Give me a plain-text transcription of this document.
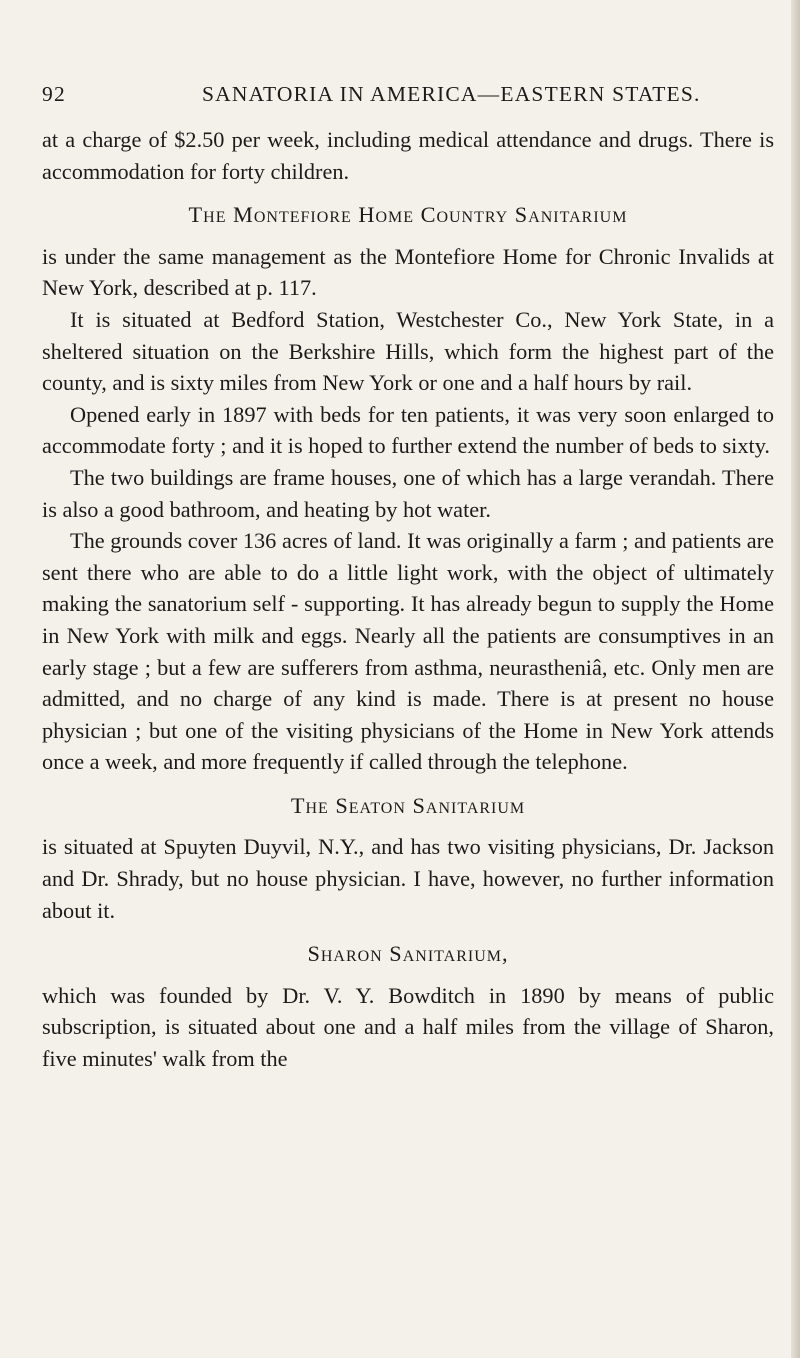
92	SANATORIA IN AMERICA—EASTERN STATES.

at a charge of $2.50 per week, including medical attendance and drugs. There is accommodation for forty children.

The Montefiore Home Country Sanitarium

is under the same management as the Montefiore Home for Chronic Invalids at New York, described at p. 117.

It is situated at Bedford Station, Westchester Co., New York State, in a sheltered situation on the Berkshire Hills, which form the highest part of the county, and is sixty miles from New York or one and a half hours by rail.

Opened early in 1897 with beds for ten patients, it was very soon enlarged to accommodate forty ; and it is hoped to further extend the number of beds to sixty.

The two buildings are frame houses, one of which has a large verandah. There is also a good bathroom, and heating by hot water.

The grounds cover 136 acres of land. It was originally a farm ; and patients are sent there who are able to do a little light work, with the object of ultimately making the sanatorium self - supporting. It has already begun to supply the Home in New York with milk and eggs. Nearly all the patients are consumptives in an early stage ; but a few are sufferers from asthma, neurastheniâ, etc. Only men are admitted, and no charge of any kind is made. There is at present no house physician ; but one of the visiting physicians of the Home in New York attends once a week, and more frequently if called through the telephone.

The Seaton Sanitarium

is situated at Spuyten Duyvil, N.Y., and has two visiting physicians, Dr. Jackson and Dr. Shrady, but no house physician. I have, however, no further information about it.

Sharon Sanitarium,

which was founded by Dr. V. Y. Bowditch in 1890 by means of public subscription, is situated about one and a half miles from the village of Sharon, five minutes' walk from the
